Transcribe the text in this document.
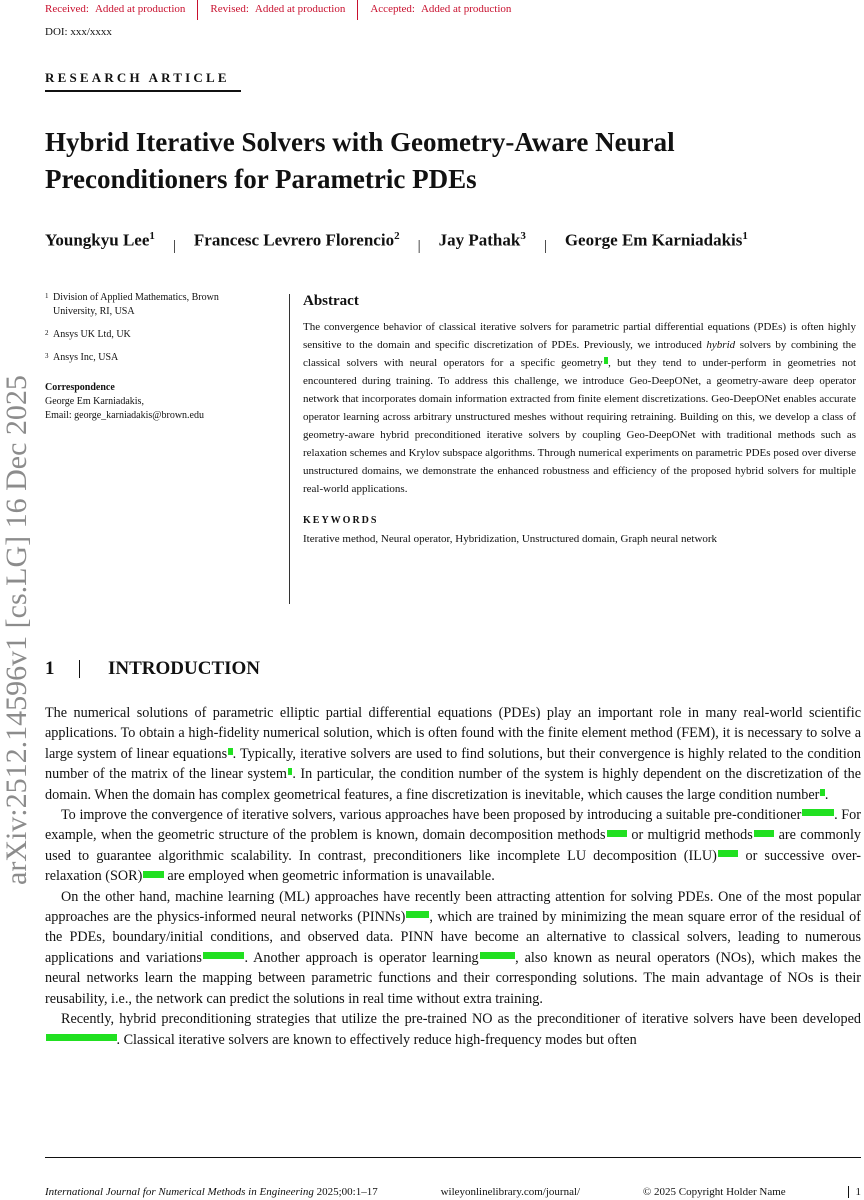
Received: Added at production	Revised: Added at production	Accepted: Added at production
DOI: xxx/xxxx
RESEARCH ARTICLE
Hybrid Iterative Solvers with Geometry-Aware Neural Preconditioners for Parametric PDEs
Youngkyu Lee$^1$
| Francesc Levrero Florencio$^2$
| Jay Pathak$^3$
| George Em Karniadakis$^1$
1 Division of Applied Mathematics, Brown University, RI, USA
2 Ansys UK Ltd, UK
3 Ansys Inc, USA
Correspondence
George Em Karniadakis,
Email: george_karniadakis@brown.edu
Abstract

The convergence behavior of classical iterative solvers for parametric partial differential equations (PDEs) is often highly sensitive to the domain and specific discretization of PDEs. Previously, we introduced hybrid solvers by combining the classical solvers with neural operators for a specific geometry 1, but they tend to under-perform in geometries not encountered during training. To address this challenge, we introduce Geo-DeepONet, a geometry-aware deep operator network that incorporates domain information extracted from finite element discretizations. Geo-DeepONet enables accurate operator learning across arbitrary unstructured meshes without requiring retraining. Building on this, we develop a class of geometry-aware hybrid preconditioned iterative solvers by coupling Geo-DeepONet with traditional methods such as relaxation schemes and Krylov subspace algorithms. Through numerical experiments on parametric PDEs posed over diverse unstructured domains, we demonstrate the enhanced robustness and efficiency of the proposed hybrid solvers for multiple real-world applications.

KEYWORDS
Iterative method, Neural operator, Hybridization, Unstructured domain, Graph neural network
arXiv:2512.14596v1 [cs.LG] 16 Dec 2025 1	INTRODUCTION

The numerical solutions of parametric elliptic partial differential equations (PDEs) play an important role in many real-world scientific applications. To obtain a high-fidelity numerical solution, which is often found with the finite element method (FEM), it is necessary to solve a large system of linear equations 2. Typically, iterative solvers are used to find solutions, but their convergence is highly related to the condition number of the matrix of the linear system 3. In particular, the condition number of the system is highly dependent on the discretization of the domain. When the domain has complex geometrical features, a fine discretization is inevitable, which causes the large condition number 3.

To improve the convergence of iterative solvers, various approaches have been proposed by introducing a suitable pre-conditioner	4,5,6,7. For example, when the geometric structure of the problem is known, domain decomposition methods	8 or multigrid methods	9 are commonly used to guarantee algorithmic scalability. In contrast, preconditioners like incomplete LU decomposition (ILU)	7 or successive over-relaxation (SOR)	7 are employed when geometric information is unavailable.

On the other hand, machine learning (ML) approaches have recently been attracting attention for solving PDEs. One of the most popular approaches are the physics-informed neural networks (PINNs)	10, which are trained by minimizing the mean square error of the residual of the PDEs, boundary/initial conditions, and observed data. PINN have become an alternative to classical solvers, leading to numerous applications and variations	11,12,13,14. Another approach is operator learning	15,16,17, also known as neural operators (NOs), which makes the neural networks learn the mapping between parametric functions and their corresponding solutions. The main advantage of NOs is their reusability, i.e., the network can predict the solutions in real time without extra training.

Recently, hybrid preconditioning strategies that utilize the pre-trained NO as the preconditioner of iterative solvers have been developed18,19,20,21,22,23,24,25,1. Classical iterative solvers are known to effectively reduce high-frequency modes but often

International Journal for Numerical Methods in Engineering 2025;00:1–17	wileyonlinelibrary.com/journal/	© 2025 Copyright Holder Name	1
